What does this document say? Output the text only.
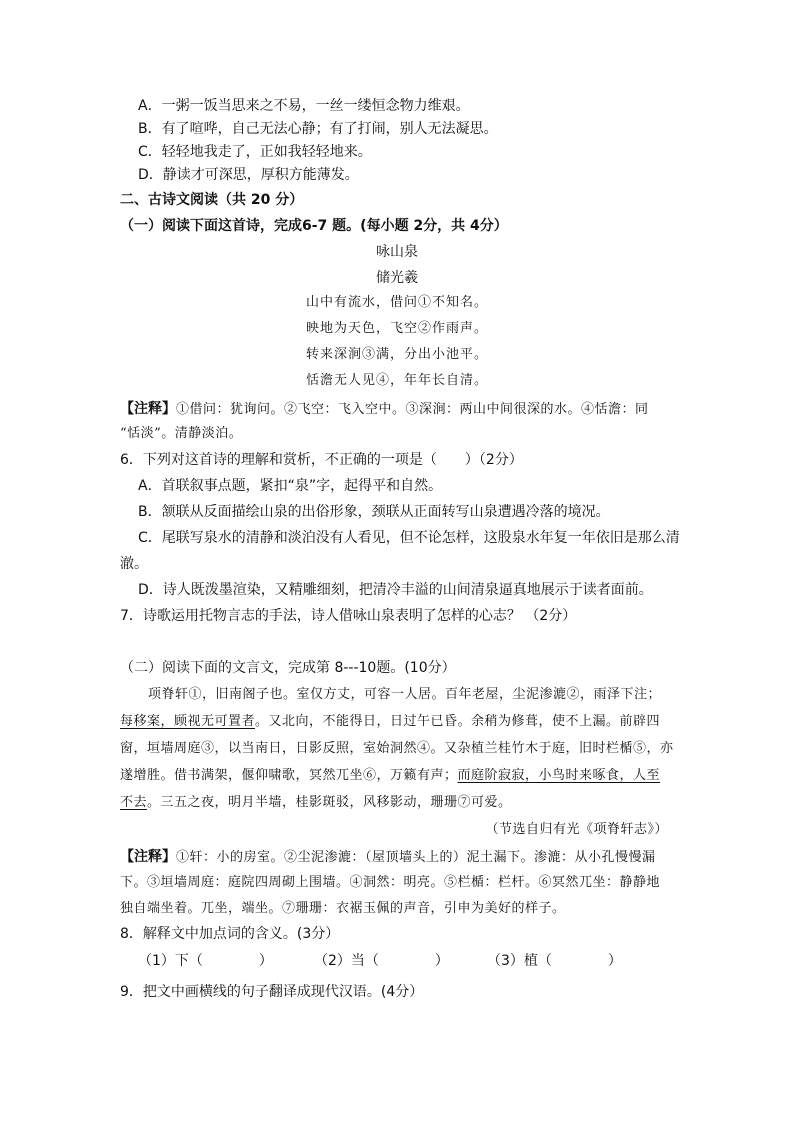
A．一粥一饭当思来之不易，一丝一缕恒念物力维艰。
B．有了喧哗，自己无法心静；有了打闹，别人无法凝思。
C．轻轻地我走了，正如我轻轻地来。
D．静读才可深思，厚积方能薄发。
二、古诗文阅读（共 20 分）
（一）阅读下面这首诗，完成6-7 题。(每小题 2分，共 4分）
咏山泉
储光羲
山中有流水，借问①不知名。
映地为天色，飞空②作雨声。
转来深涧③满，分出小池平。
恬澹无人见④，年年长自清。
【注释】①借问：犹询问。②飞空：飞入空中。③深涧：两山中间很深的水。④恬澹：同
“恬淡”。清静淡泊。
6．下列对这首诗的理解和赏析，不正确的一项是（　　）（2分）
A．首联叙事点题，紧扣“泉”字，起得平和自然。
B．颔联从反面描绘山泉的出俗形象，颈联从正面转写山泉遭遇冷落的境况。
C．尾联写泉水的清静和淡泊没有人看见，但不论怎样，这股泉水年复一年依旧是那么清
澈。
D．诗人既泼墨渲染，又精雕细刻，把清冷丰溢的山间清泉逼真地展示于读者面前。
7．诗歌运用托物言志的手法，诗人借咏山泉表明了怎样的心志？ （2分）
（二）阅读下面的文言文，完成第 8---10题。(10分）
项脊轩①，旧南阁子也。室仅方丈，可容一人居。百年老屋，尘泥渗漉②，雨泽下注；
每移案，顾视无可置者。又北向，不能得日，日过午已昏。余稍为修葺，使不上漏。前辟四
窗，垣墙周庭③，以当南日，日影反照，室始洞然④。又杂植兰桂竹木于庭，旧时栏楯⑤，亦
遂增胜。借书满架，偃仰啸歌，冥然兀坐⑥，万籁有声；而庭阶寂寂，小鸟时来啄食，人至
不去。三五之夜，明月半墙，桂影斑驳，风移影动，珊珊⑦可爱。
（节选自归有光《项脊轩志》）
【注释】①轩：小的房室。②尘泥渗漉：（屋顶墙头上的）泥土漏下。渗漉：从小孔慢慢漏
下。③垣墙周庭：庭院四周砌上围墙。④洞然：明亮。⑤栏楯：栏杆。⑥冥然兀坐：静静地
独自端坐着。兀坐，端坐。⑦珊珊：衣裾玉佩的声音，引申为美好的样子。
8．解释文中加点词的含义。(3分）
（1）下（　　　　）	（2）当（　　　　）	（3）植（　　　　）
9．把文中画横线的句子翻译成现代汉语。(4分）
